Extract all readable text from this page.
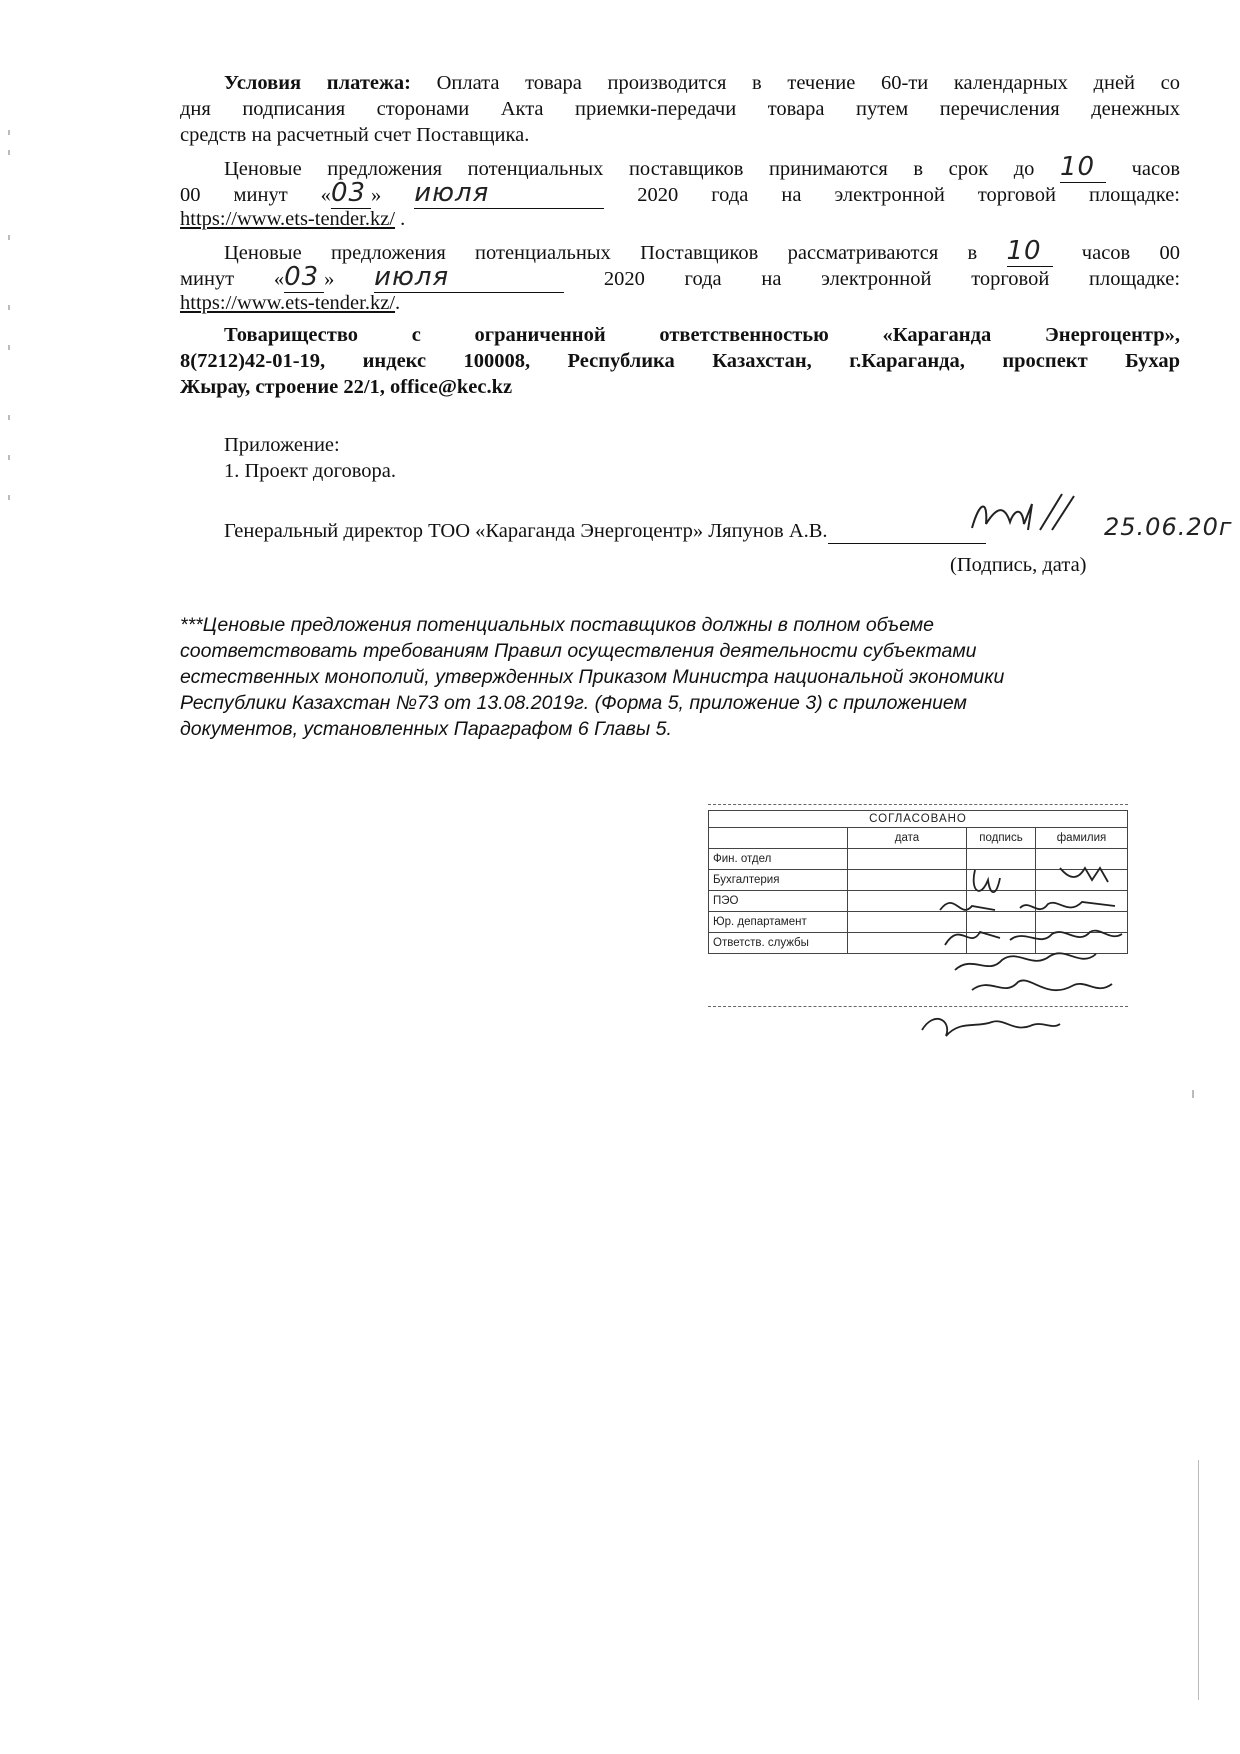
Условия платежа: Оплата товара производится в течение 60-ти календарных дней со
дня подписания сторонами Акта приемки-передачи товара путем перечисления денежных
средств на расчетный счет Поставщика.
Ценовые предложения потенциальных поставщиков принимаются в срок до 10 часов
00 минут «03 » июля	2020 года на электронной торговой площадке:
https://www.ets-tender.kz/ .
Ценовые предложения потенциальных Поставщиков рассматриваются в 10 часов 00
минут «03 » июля	2020 года на электронной торговой площадке:
https://www.ets-tender.kz/.
Товарищество с ограниченной ответственностью «Караганда Энергоцентр»,
8(7212)42-01-19, индекс 100008, Республика Казахстан, г.Караганда, проспект Бухар
Жырау, строение 22/1, office@kec.kz
Приложение:
1. Проект договора.
Генеральный директор ТОО «Караганда Энергоцентр» Ляпунов А.В.	25.06.20г
(Подпись, дата)
***Ценовые предложения потенциальных поставщиков должны в полном объеме
соответствовать требованиям Правил осуществления деятельности субъектами
естественных монополий, утвержденных Приказом Министра национальной экономики
Республики Казахстан №73 от 13.08.2019г. (Форма 5, приложение 3) с приложением
документов, установленных Параграфом 6 Главы 5.
СОГЛАСОВАНО			
	дата	подпись	фамилия
Фин. отдел			
Бухгалтерия			
ПЭО			
Юр. департамент			
Ответств. службы			
